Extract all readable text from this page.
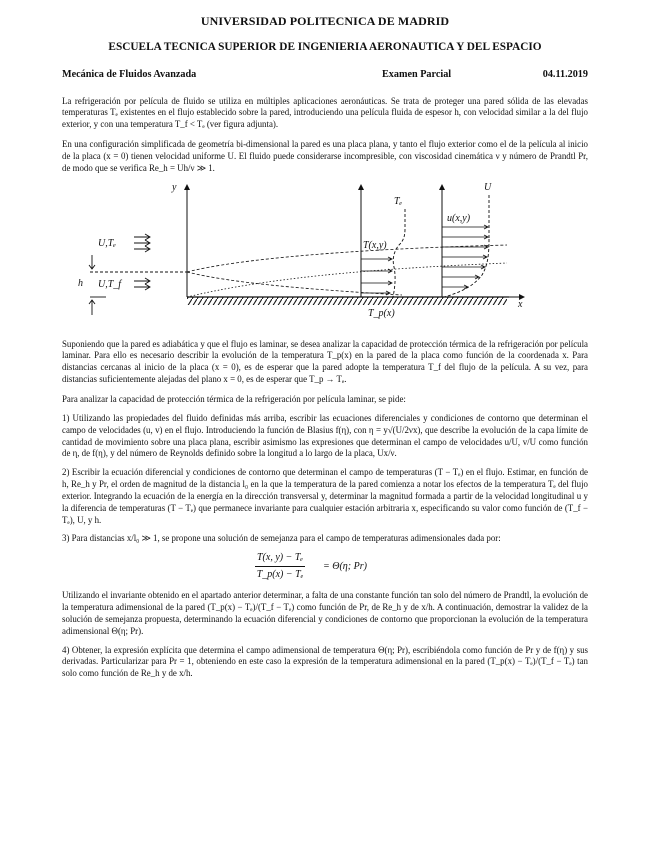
UNIVERSIDAD POLITECNICA DE MADRID
ESCUELA TECNICA SUPERIOR DE INGENIERIA AERONAUTICA Y DEL ESPACIO
Mecánica de Fluidos Avanzada	Examen Parcial	04.11.2019

La refrigeración por película de fluido se utiliza en múltiples aplicaciones aeronáuticas. Se trata de proteger una pared sólida de las elevadas temperaturas Tₑ existentes en el flujo establecido sobre la pared, introduciendo una película fluida de espesor h, con velocidad similar a la del flujo exterior, y con una temperatura T_f < Tₑ (ver figura adjunta).

En una configuración simplificada de geometría bi-dimensional la pared es una placa plana, y tanto el flujo exterior como el de la película al inicio de la placa (x = 0) tienen velocidad uniforme U. El fluido puede considerarse incompresible, con viscosidad cinemática ν y número de Prandtl Pr, de modo que se verifica Re_h = Uh/ν ≫ 1.

y
x
U,Tₑ
U,T_f
h
Tₑ
T(x,y)
T_p(x)
U
u(x,y)

Suponiendo que la pared es adiabática y que el flujo es laminar, se desea analizar la capacidad de protección térmica de la refrigeración por película laminar. Para ello es necesario describir la evolución de la temperatura T_p(x) en la pared de la placa como función de la coordenada x. Para distancias cercanas al inicio de la placa (x = 0), es de esperar que la pared adopte la temperatura T_f del flujo de la película. A su vez, para distancias suficientemente alejadas del plano x = 0, es de esperar que T_p → Tₑ.

Para analizar la capacidad de protección térmica de la refrigeración por película laminar, se pide:

1) Utilizando las propiedades del fluido definidas más arriba, escribir las ecuaciones diferenciales y condiciones de contorno que determinan el campo de velocidades (u, v) en el flujo. Introduciendo la función de Blasius f(η), con η = y√(U/2νx), que describe la evolución de la capa límite de cantidad de movimiento sobre una placa plana, escribir asimismo las expresiones que determinan el campo de velocidades u/U, v/U como función de η, de f(η), y del número de Reynolds definido sobre la longitud a lo largo de la placa, Ux/ν.

2) Escribir la ecuación diferencial y condiciones de contorno que determinan el campo de temperaturas (T − Tₑ) en el flujo. Estimar, en función de h, Re_h y Pr, el orden de magnitud de la distancia l₀ en la que la temperatura de la pared comienza a notar los efectos de la temperatura Tₑ del flujo exterior. Integrando la ecuación de la energía en la dirección transversal y, determinar la magnitud formada a partir de la velocidad longitudinal u y la diferencia de temperaturas (T − Tₑ) que permanece invariante para cualquier estación arbitraria x, especificando su valor como función de (T_f − Tₑ), U, y h.

3) Para distancias x/l₀ ≫ 1, se propone una solución de semejanza para el campo de temperaturas adimensionales dada por:

$\frac{\text{T(x, y) − Tₑ}}{\text{T\_p(x) − Tₑ}} = \Theta(\eta$; Pr)

Utilizando el invariante obtenido en el apartado anterior determinar, a falta de una constante función tan solo del número de Prandtl, la evolución de la temperatura adimensional de la pared (T_p(x) − Tₑ)/(T_f − Tₑ) como función de Pr, de Re_h y de x/h. A continuación, demostrar la validez de la solución de semejanza propuesta, determinando la ecuación diferencial y condiciones de contorno que proporcionan la evolución de la temperatura adimensional Θ(η; Pr).

4) Obtener, la expresión explícita que determina el campo adimensional de temperatura Θ(η; Pr), escribiéndola como función de Pr y de f(η) y sus derivadas. Particularizar para Pr = 1, obteniendo en este caso la expresión de la temperatura adimensional en la pared (T_p(x) − Tₑ)/(T_f − Tₑ) tan solo como función de Re_h y de x/h.
